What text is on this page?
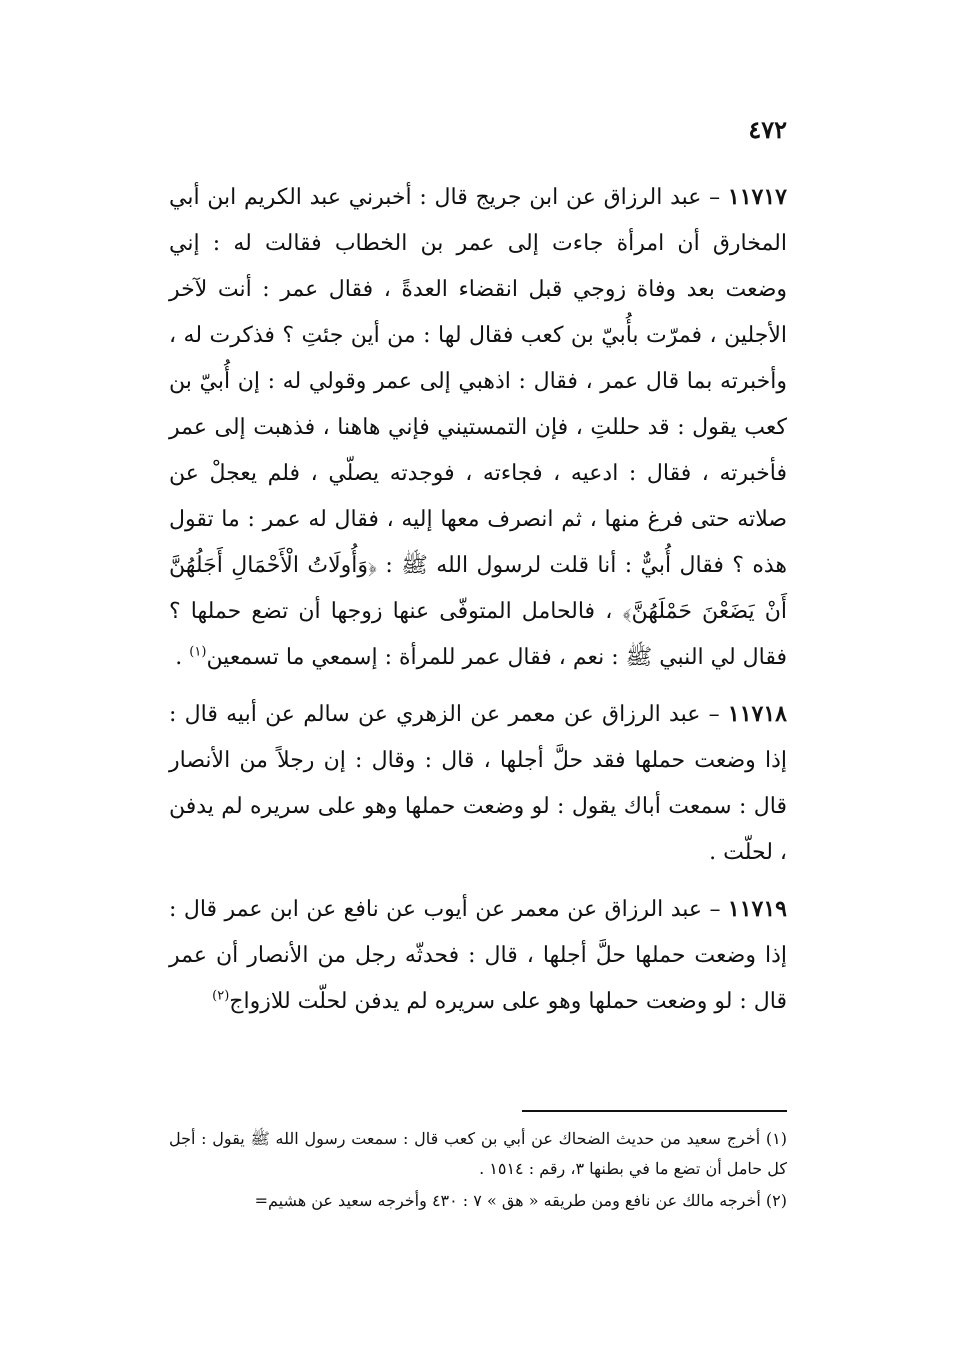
٤٧٢

١١٧١٧ – عبد الرزاق عن ابن جريج قال : أخبرني عبد الكريم ابن أبي المخارق أن امرأة جاءت إلى عمر بن الخطاب فقالت له : إني وضعت بعد وفاة زوجي قبل انقضاء العدةً ، فقال عمر : أنت لآخر الأجلين ، فمرّت بأُبيّ بن كعب فقال لها : من أين جئتِ ؟ فذكرت له ، وأخبرته بما قال عمر ، فقال : اذهبي إلى عمر وقولي له : إن أُبيّ بن كعب يقول : قد حللتِ ، فإن التمستيني فإني هاهنا ، فذهبت إلى عمر فأخبرته ، فقال : ادعيه ، فجاءته ، فوجدته يصلّي ، فلم يعجلْ عن صلاته حتى فرغ منها ، ثم انصرف معها إليه ، فقال له عمر : ما تقول هذه ؟ فقال أُبيٌّ : أنا قلت لرسول الله ﷺ : ﴿وَأُولَاتُ الْأَحْمَالِ أَجَلُهُنَّ أَنْ يَضَعْنَ حَمْلَهُنَّ﴾ ، فالحامل المتوفّى عنها زوجها أن تضع حملها ؟ فقال لي النبي ﷺ : نعم ، فقال عمر للمرأة : إسمعي ما تسمعين$^{(١)}$ .

١١٧١٨ – عبد الرزاق عن معمر عن الزهري عن سالم عن أبيه قال : إذا وضعت حملها فقد حلَّ أجلها ، قال : وقال : إن رجلاً من الأنصار قال : سمعت أباك يقول : لو وضعت حملها وهو على سريره لم يدفن ، لحلّت .

١١٧١٩ – عبد الرزاق عن معمر عن أيوب عن نافع عن ابن عمر قال : إذا وضعت حملها حلَّ أجلها ، قال : فحدثّه رجل من الأنصار أن عمر قال : لو وضعت حملها وهو على سريره لم يدفن لحلّت للازواج$^{(٢)}$

(١) أخرج سعيد من حديث الضحاك عن أبي بن كعب قال : سمعت رسول الله ﷺ يقول : أجل كل حامل أن تضع ما في بطنها ٣، رقم : ١٥١٤ .

(٢) أخرجه مالك عن نافع ومن طريقه « هق » ٧ : ٤٣٠ وأخرجه سعيد عن هشيم=
